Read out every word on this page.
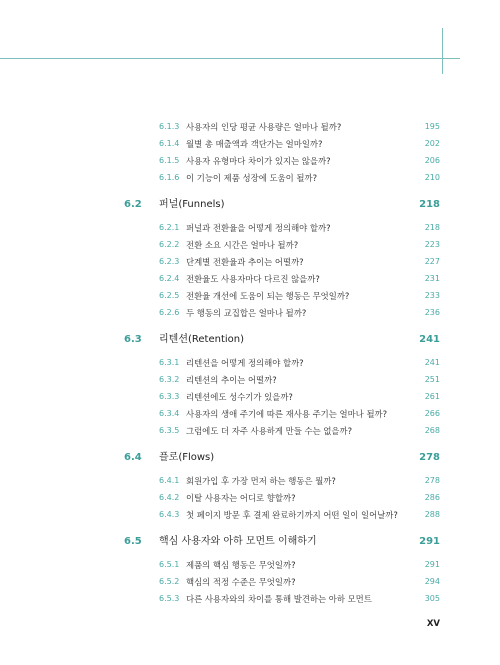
6.1.3 사용자의 인당 평균 사용량은 얼마나 될까?	195
6.1.4 월별 총 매출액과 객단가는 얼마일까?	202
6.1.5 사용자 유형마다 차이가 있지는 않을까?	206
6.1.6 이 기능이 제품 성장에 도움이 될까?	210
6.2 퍼널(Funnels)	218
6.2.1 퍼널과 전환율을 어떻게 정의해야 할까?	218
6.2.2 전환 소요 시간은 얼마나 될까?	223
6.2.3 단계별 전환율과 추이는 어떨까?	227
6.2.4 전환율도 사용자마다 다르진 않을까?	231
6.2.5 전환율 개선에 도움이 되는 행동은 무엇일까?	233
6.2.6 두 행동의 교집합은 얼마나 될까?	236
6.3 리텐션(Retention)	241
6.3.1 리텐션을 어떻게 정의해야 할까?	241
6.3.2 리텐션의 추이는 어떨까?	251
6.3.3 리텐션에도 성수기가 있을까?	261
6.3.4 사용자의 생애 주기에 따른 재사용 주기는 얼마나 될까?	266
6.3.5 그럼에도 더 자주 사용하게 만들 수는 없을까?	268
6.4 플로(Flows)	278
6.4.1 회원가입 후 가장 먼저 하는 행동은 뭘까?	278
6.4.2 이탈 사용자는 어디로 향할까?	286
6.4.3 첫 페이지 방문 후 결제 완료하기까지 어떤 일이 일어날까?	288
6.5 핵심 사용자와 아하 모먼트 이해하기	291
6.5.1 제품의 핵심 행동은 무엇일까?	291
6.5.2 핵심의 적정 수준은 무엇일까?	294
6.5.3 다른 사용자와의 차이를 통해 발견하는 아하 모먼트	305
XV
